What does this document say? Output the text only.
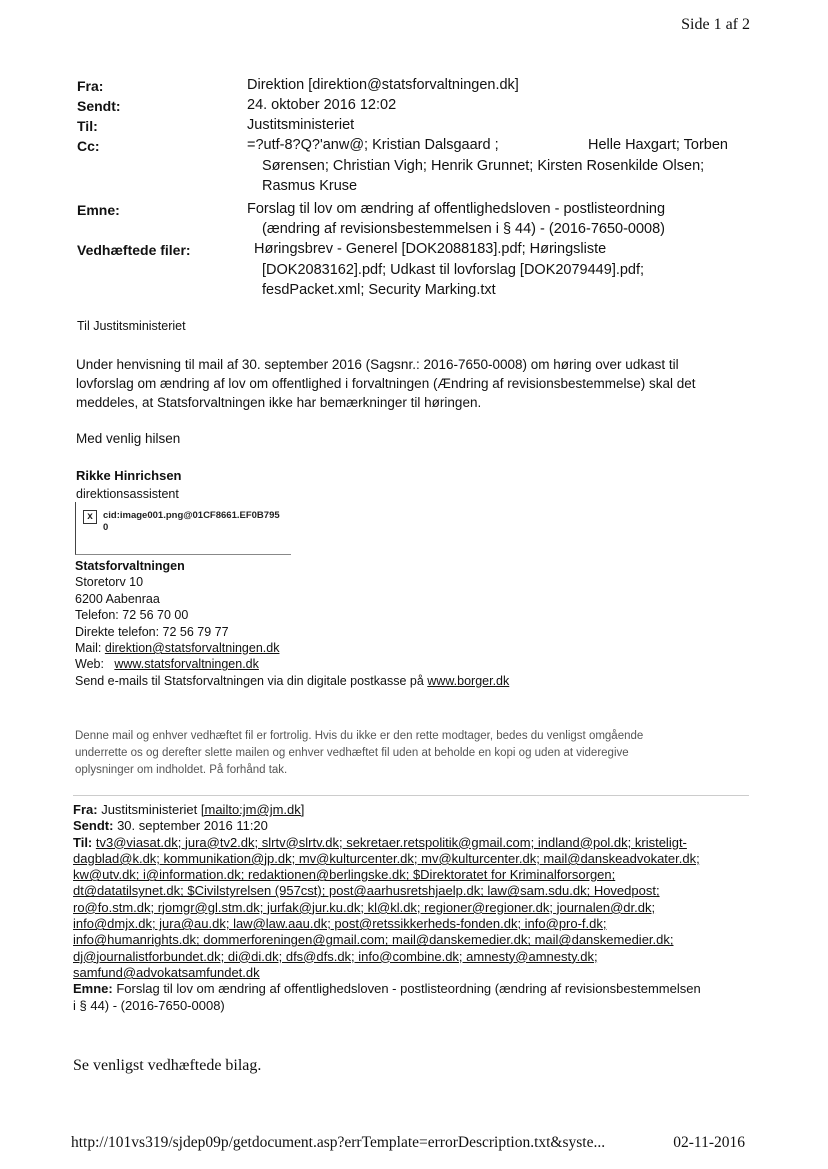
Side 1 af 2
Fra:	Direktion [direktion@statsforvaltningen.dk]
Sendt:	24. oktober 2016 12:02
Til:	Justitsministeriet
Cc:	=?utf-8?Q?'anw@; Kristian Dalsgaard ;	Helle Haxgart; Torben
Sørensen; Christian Vigh; Henrik Grunnet; Kirsten Rosenkilde Olsen;
Rasmus Kruse
Emne:	Forslag til lov om ændring af offentlighedsloven - postlisteordning
(ændring af revisionsbestemmelsen i § 44) - (2016-7650-0008)
Vedhæftede filer:	Høringsbrev - Generel [DOK2088183].pdf; Høringsliste
[DOK2083162].pdf; Udkast til lovforslag [DOK2079449].pdf;
fesdPacket.xml; Security Marking.txt
Til Justitsministeriet
Under henvisning til mail af 30. september 2016 (Sagsnr.: 2016-7650-0008) om høring over udkast til
lovforslag om ændring af lov om offentlighed i forvaltningen (Ændring af revisionsbestemmelse) skal det
meddeles, at Statsforvaltningen ikke har bemærkninger til høringen.
Med venlig hilsen
Rikke Hinrichsen
direktionsassistent
x cid:image001.png@01CF8661.EF0B795
0
Statsforvaltningen
Storetorv 10
6200 Aabenraa
Telefon: 72 56 70 00
Direkte telefon: 72 56 79 77
Mail: direktion@statsforvaltningen.dk
Web: www.statsforvaltningen.dk
Send e-mails til Statsforvaltningen via din digitale postkasse på www.borger.dk
Denne mail og enhver vedhæftet fil er fortrolig. Hvis du ikke er den rette modtager, bedes du venligst omgående
underrette os og derefter slette mailen og enhver vedhæftet fil uden at beholde en kopi og uden at videregive
oplysninger om indholdet. På forhånd tak.
Fra: Justitsministeriet [mailto:jm@jm.dk]
Sendt: 30. september 2016 11:20
Til: tv3@viasat.dk; jura@tv2.dk; slrtv@slrtv.dk; sekretaer.retspolitik@gmail.com; indland@pol.dk; kristeligt-
dagblad@k.dk; kommunikation@jp.dk; mv@kulturcenter.dk; mv@kulturcenter.dk; mail@danskeadvokater.dk;
kw@utv.dk; i@information.dk; redaktionen@berlingske.dk; $Direktoratet for Kriminalforsorgen;
dt@datatilsynet.dk; $Civilstyrelsen (957cst); post@aarhusretshjaelp.dk; law@sam.sdu.dk; Hovedpost;
ro@fo.stm.dk; rjomgr@gl.stm.dk; jurfak@jur.ku.dk; kl@kl.dk; regioner@regioner.dk; journalen@dr.dk;
info@dmjx.dk; jura@au.dk; law@law.aau.dk; post@retssikkerheds-fonden.dk; info@pro-f.dk;
info@humanrights.dk; dommerforeningen@gmail.com; mail@danskemedier.dk; mail@danskemedier.dk;
dj@journalistforbundet.dk; di@di.dk; dfs@dfs.dk; info@combine.dk; amnesty@amnesty.dk;
samfund@advokatsamfundet.dk
Emne: Forslag til lov om ændring af offentlighedsloven - postlisteordning (ændring af revisionsbestemmelsen
i § 44) - (2016-7650-0008)
Se venligst vedhæftede bilag.
http://101vs319/sjdep09p/getdocument.asp?errTemplate=errorDescription.txt&syste...	02-11-2016
